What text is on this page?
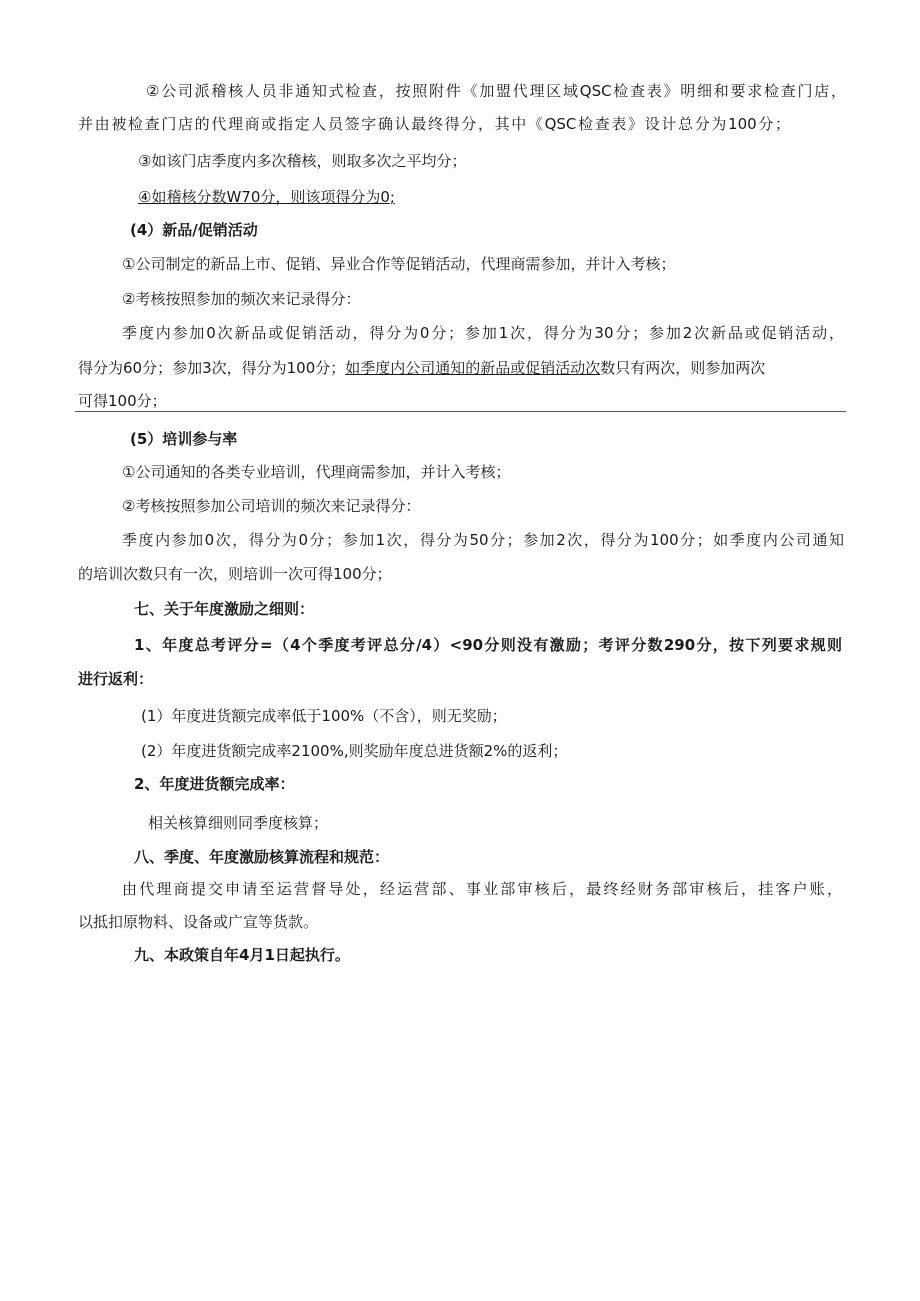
②公司派稽核人员非通知式检查，按照附件《加盟代理区域QSC检查表》明细和要求检查门店，
并由被检查门店的代理商或指定人员签字确认最终得分，其中《QSC检查表》设计总分为100分；
③如该门店季度内多次稽核，则取多次之平均分；
④如稽核分数W70分，则该项得分为0;
(4）新品/促销活动
①公司制定的新品上市、促销、异业合作等促销活动，代理商需参加，并计入考核；
②考核按照参加的频次来记录得分：
季度内参加0次新品或促销活动，得分为0分；参加1次，得分为30分；参加2次新品或促销活动，
得分为60分；参加3次，得分为100分；如季度内公司通知的新品或促销活动次数只有两次，则参加两次
可得100分；
(5）培训参与率
①公司通知的各类专业培训，代理商需参加，并计入考核；
②考核按照参加公司培训的频次来记录得分：
季度内参加0次，得分为0分；参加1次，得分为50分；参加2次，得分为100分；如季度内公司通知
的培训次数只有一次，则培训一次可得100分；
七、关于年度激励之细则：
1、年度总考评分=（4个季度考评总分/4）<90分则没有激励；考评分数290分，按下列要求规则
进行返利：
(1）年度进货额完成率低于100%（不含），则无奖励；
(2）年度进货额完成率2100%,则奖励年度总进货额2%的返利；
2、年度进货额完成率：
相关核算细则同季度核算；
八、季度、年度激励核算流程和规范：
由代理商提交申请至运营督导处，经运营部、事业部审核后，最终经财务部审核后，挂客户账，
以抵扣原物料、设备或广宣等货款。
九、本政策自年4月1日起执行。
